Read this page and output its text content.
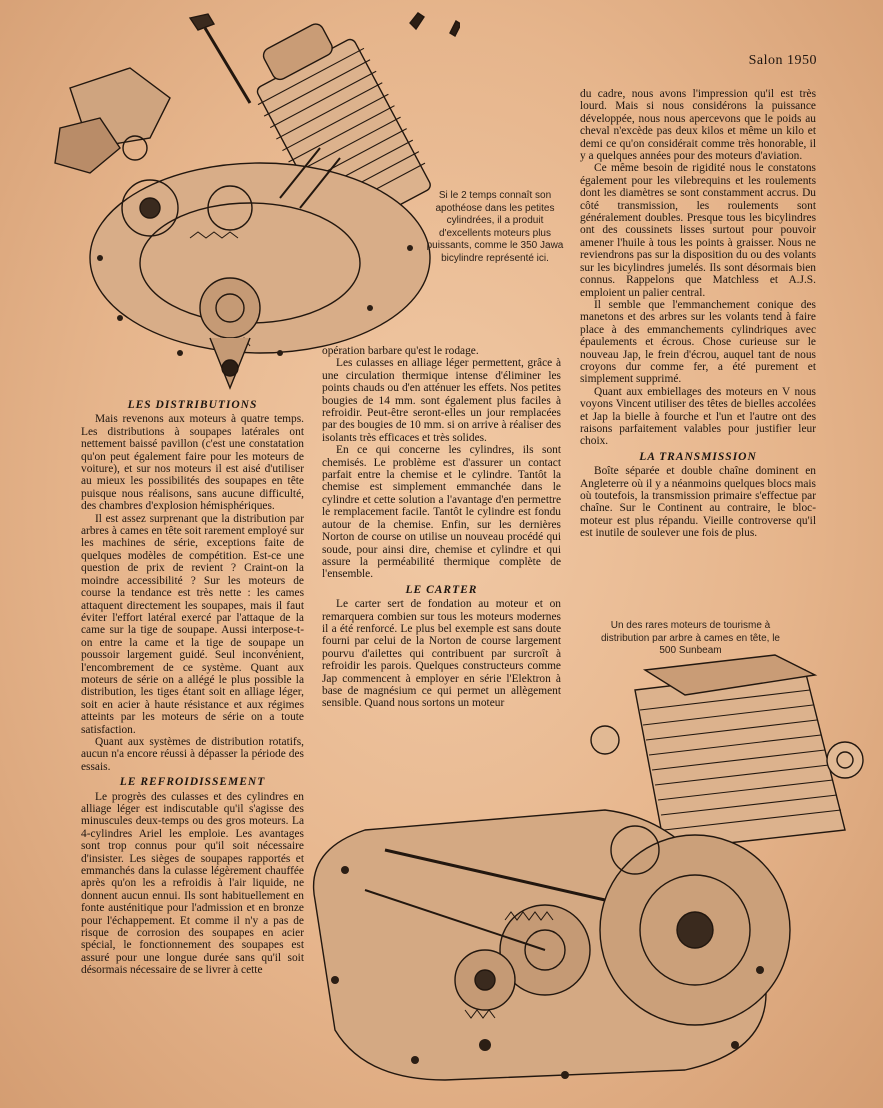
Salon 1950
Si le 2 temps connaît son apothéose dans les petites cylindrées, il a produit d'excellents moteurs plus puissants, comme le 350 Jawa bicylindre représenté ici.
Un des rares moteurs de tourisme à distribution par arbre à cames en tête, le 500 Sunbeam
LES DISTRIBUTIONS

Mais revenons aux moteurs à quatre temps. Les distributions à soupapes latérales ont nettement baissé pavillon (c'est une constatation qu'on peut également faire pour les moteurs de voiture), et sur nos moteurs il est aisé d'utiliser au mieux les possibilités des soupapes en tête puisque nous réalisons, sans aucune difficulté, des chambres d'explosion hémisphériques.

Il est assez surprenant que la distribution par arbres à cames en tête soit rarement employé sur les machines de série, exceptions faite de quelques modèles de compétition. Est-ce une question de prix de revient ? Craint-on la moindre accessibilité ? Sur les moteurs de course la tendance est très nette : les cames attaquent directement les soupapes, mais il faut éviter l'effort latéral exercé par l'attaque de la came sur la tige de soupape. Aussi interpose-t-on entre la came et la tige de soupape un poussoir largement guidé. Seul inconvénient, l'encombrement de ce système. Quant aux moteurs de série on a allégé le plus possible la distribution, les tiges étant soit en alliage léger, soit en acier à haute résistance et aux régimes atteints par les moteurs de série on a toute satisfaction.

Quant aux systèmes de distribution rotatifs, aucun n'a encore réussi à dépasser la période des essais.

LE REFROIDISSEMENT

Le progrès des culasses et des cylindres en alliage léger est indiscutable qu'il s'agisse des minuscules deux-temps ou des gros moteurs. La 4-cylindres Ariel les emploie. Les avantages sont trop connus pour qu'il soit nécessaire d'insister. Les sièges de soupapes rapportés et emmanchés dans la culasse légèrement chauffée après qu'on les a refroidis à l'air liquide, ne donnent aucun ennui. Ils sont habituellement en fonte austénitique pour l'admission et en bronze pour l'échappement. Et comme il n'y a pas de risque de corrosion des soupapes en acier spécial, le fonctionnement des soupapes est assuré pour une longue durée sans qu'il soit désormais nécessaire de se livrer à cette

opération barbare qu'est le rodage.

Les culasses en alliage léger permettent, grâce à une circulation thermique intense d'éliminer les points chauds ou d'en atténuer les effets. Nos petites bougies de 14 mm. sont également plus faciles à refroidir. Peut-être seront-elles un jour remplacées par des bougies de 10 mm. si on arrive à réaliser des isolants très efficaces et très solides.

En ce qui concerne les cylindres, ils sont chemisés. Le problème est d'assurer un contact parfait entre la chemise et le cylindre. Tantôt la chemise est simplement emmanchée dans le cylindre et cette solution a l'avantage d'en permettre le remplacement facile. Tantôt le cylindre est fondu autour de la chemise. Enfin, sur les dernières Norton de course on utilise un nouveau procédé qui soude, pour ainsi dire, chemise et cylindre et qui assure la perméabilité thermique complète de l'ensemble.

LE CARTER

Le carter sert de fondation au moteur et on remarquera combien sur tous les moteurs modernes il a été renforcé. Le plus bel exemple est sans doute fourni par celui de la Norton de course largement pourvu d'ailettes qui contribuent par surcroît à refroidir les parois. Quelques constructeurs comme Jap commencent à employer en série l'Elektron à base de magnésium ce qui permet un allègement sensible. Quand nous sortons un moteur

du cadre, nous avons l'impression qu'il est très lourd. Mais si nous considérons la puissance développée, nous nous apercevons que le poids au cheval n'excède pas deux kilos et même un kilo et demi ce qu'on considérait comme très honorable, il y a quelques années pour des moteurs d'aviation.

Ce même besoin de rigidité nous le constatons également pour les vilebrequins et les roulements dont les diamètres se sont constamment accrus. Du côté transmission, les roulements sont généralement doubles. Presque tous les bicylindres ont des coussinets lisses surtout pour pouvoir amener l'huile à tous les points à graisser. Nous ne reviendrons pas sur la disposition du ou des volants sur les bicylindres jumelés. Ils sont désormais bien connus. Rappelons que Matchless et A.J.S. emploient un palier central.

Il semble que l'emmanchement conique des manetons et des arbres sur les volants tend à faire place à des emmanchements cylindriques avec épaulements et écrous. Chose curieuse sur le nouveau Jap, le frein d'écrou, auquel tant de nous croyons dur comme fer, a été purement et simplement supprimé.

Quant aux embiellages des moteurs en V nous voyons Vincent utiliser des têtes de bielles accolées et Jap la bielle à fourche et l'un et l'autre ont des raisons parfaitement valables pour justifier leur choix.

LA TRANSMISSION

Boîte séparée et double chaîne dominent en Angleterre où il y a néanmoins quelques blocs mais où toutefois, la transmission primaire s'effectue par chaîne. Sur le Continent au contraire, le bloc-moteur est plus répandu. Vieille controverse qu'il est inutile de soulever une fois de plus.
